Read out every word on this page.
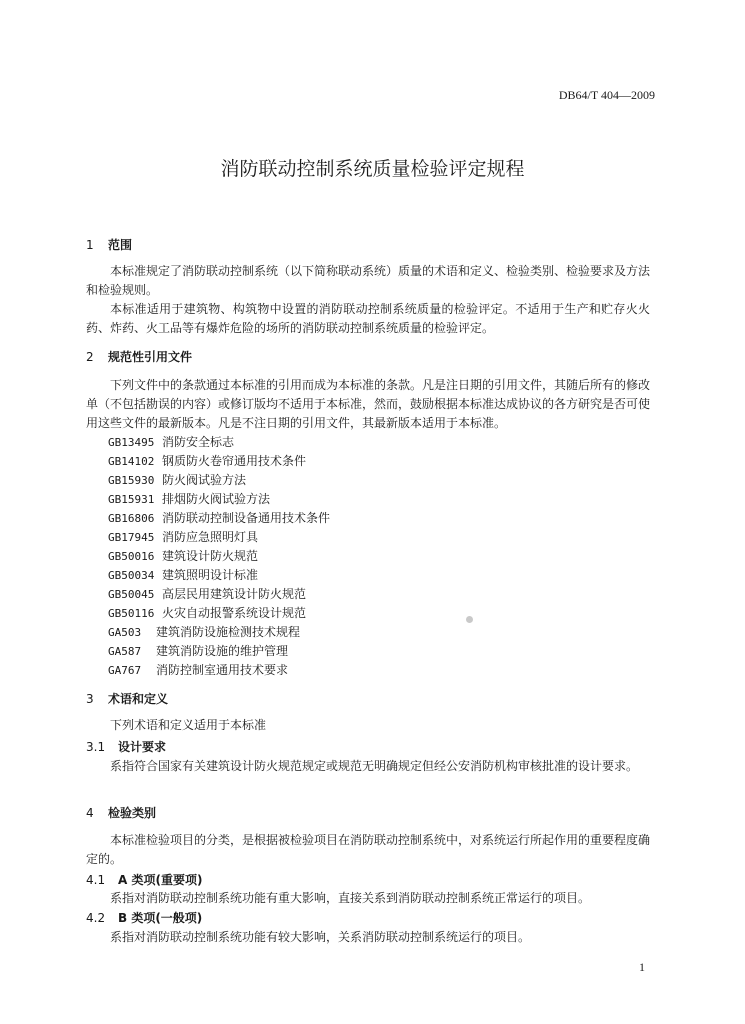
DB64/T 404—2009
消防联动控制系统质量检验评定规程
1 范围

本标准规定了消防联动控制系统（以下简称联动系统）质量的术语和定义、检验类别、检验要求及方法和检验规则。

本标准适用于建筑物、构筑物中设置的消防联动控制系统质量的检验评定。不适用于生产和贮存火火药、炸药、火工品等有爆炸危险的场所的消防联动控制系统质量的检验评定。

2 规范性引用文件

下列文件中的条款通过本标准的引用而成为本标准的条款。凡是注日期的引用文件，其随后所有的修改单（不包括勘误的内容）或修订版均不适用于本标准，然而，鼓励根据本标准达成协议的各方研究是否可使用这些文件的最新版本。凡是不注日期的引用文件，其最新版本适用于本标准。

GB13495 消防安全标志
GB14102 钢质防火卷帘通用技术条件
GB15930 防火阀试验方法
GB15931 排烟防火阀试验方法
GB16806 消防联动控制设备通用技术条件
GB17945 消防应急照明灯具
GB50016 建筑设计防火规范
GB50034 建筑照明设计标准
GB50045 高层民用建筑设计防火规范
GB50116 火灾自动报警系统设计规范
GA503 建筑消防设施检测技术规程
GA587 建筑消防设施的维护管理
GA767 消防控制室通用技术要求
3 术语和定义

下列术语和定义适用于本标准

3.1 设计要求

系指符合国家有关建筑设计防火规范规定或规范无明确规定但经公安消防机构审核批准的设计要求。

4 检验类别

本标准检验项目的分类，是根据被检验项目在消防联动控制系统中，对系统运行所起作用的重要程度确定的。

4.1 A 类项(重要项)

系指对消防联动控制系统功能有重大影响，直接关系到消防联动控制系统正常运行的项目。

4.2 B 类项(一般项)

系指对消防联动控制系统功能有较大影响，关系消防联动控制系统运行的项目。

1
